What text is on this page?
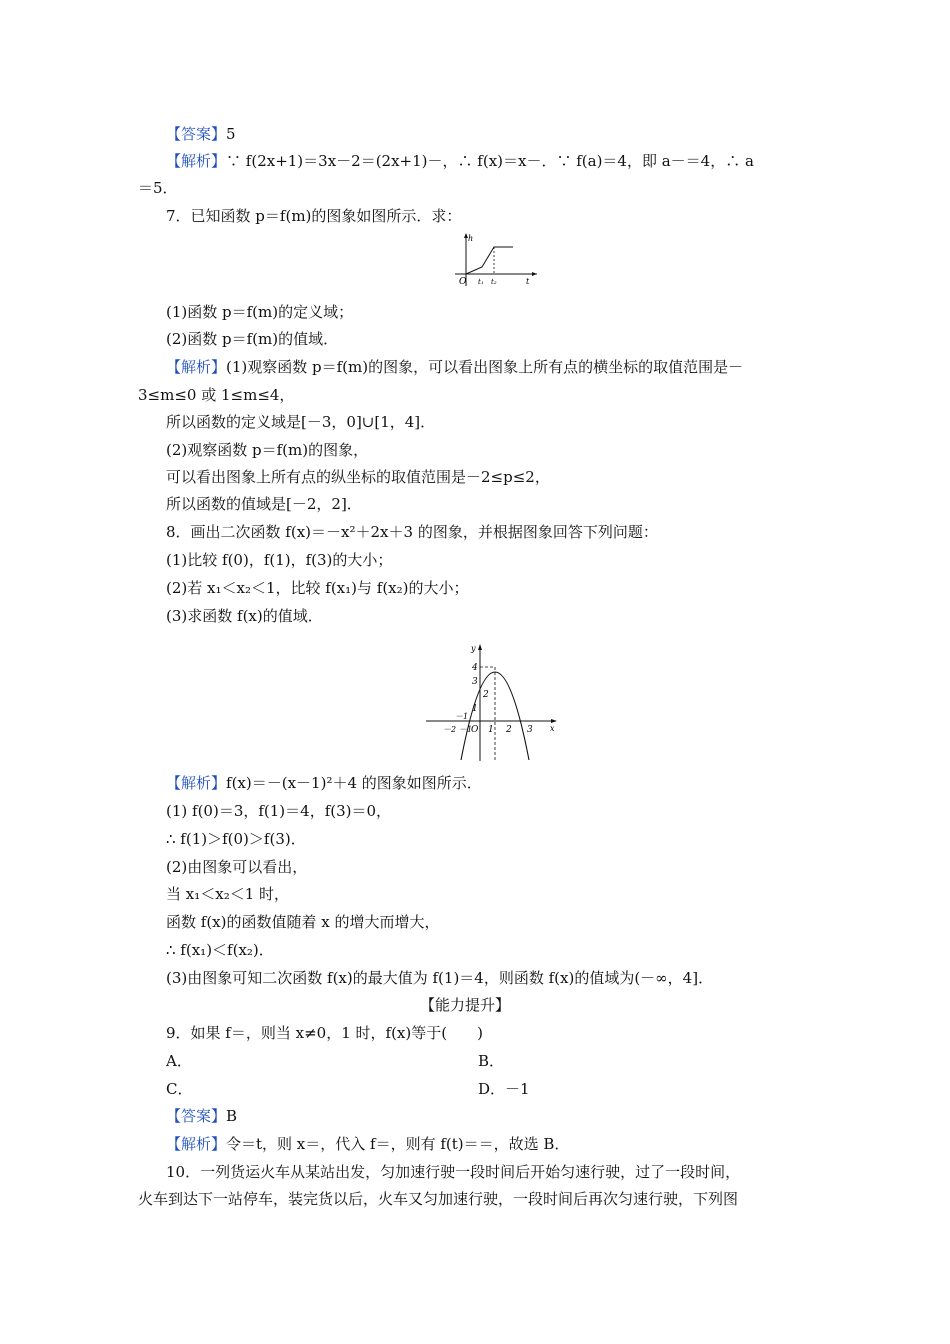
【答案】5
【解析】∵ f(2x+1)＝3x－2＝(2x+1)－，∴ f(x)＝x－．∵ f(a)＝4，即 a－＝4，∴ a
＝5．
7．已知函数 p＝f(m)的图象如图所示．求：
h
O t₁ t₂	t
(1)函数 p＝f(m)的定义域；
(2)函数 p＝f(m)的值域．
【解析】(1)观察函数 p＝f(m)的图象，可以看出图象上所有点的横坐标的取值范围是－
3≤m≤0 或 1≤m≤4，
所以函数的定义域是[－3，0]∪[1，4]．
(2)观察函数 p＝f(m)的图象，
可以看出图象上所有点的纵坐标的取值范围是－2≤p≤2，
所以函数的值域是[－2，2]．
8．画出二次函数 f(x)＝－x²＋2x＋3 的图象，并根据图象回答下列问题：
(1)比较 f(0)，f(1)，f(3)的大小；
(2)若 x₁＜x₂＜1，比较 f(x₁)与 f(x₂)的大小；
(3)求函数 f(x)的值域．
y
x
O
4
3
2
1
－1
－2 －1 1 2 3
【解析】f(x)＝－(x－1)²＋4 的图象如图所示．
(1) f(0)＝3，f(1)＝4，f(3)＝0，
∴ f(1)＞f(0)＞f(3)．
(2)由图象可以看出，
当 x₁＜x₂＜1 时，
函数 f(x)的函数值随着 x 的增大而增大，
∴ f(x₁)＜f(x₂)．
(3)由图象可知二次函数 f(x)的最大值为 f(1)＝4，则函数 f(x)的值域为(－∞，4]．
【能力提升】
9．如果 f＝，则当 x≠0，1 时，f(x)等于(　　)
A．	B．
C．	D．－1
【答案】B
【解析】令＝t，则 x＝，代入 f＝，则有 f(t)＝＝，故选 B．
10．一列货运火车从某站出发，匀加速行驶一段时间后开始匀速行驶，过了一段时间，
火车到达下一站停车，装完货以后，火车又匀加速行驶，一段时间后再次匀速行驶，下列图
